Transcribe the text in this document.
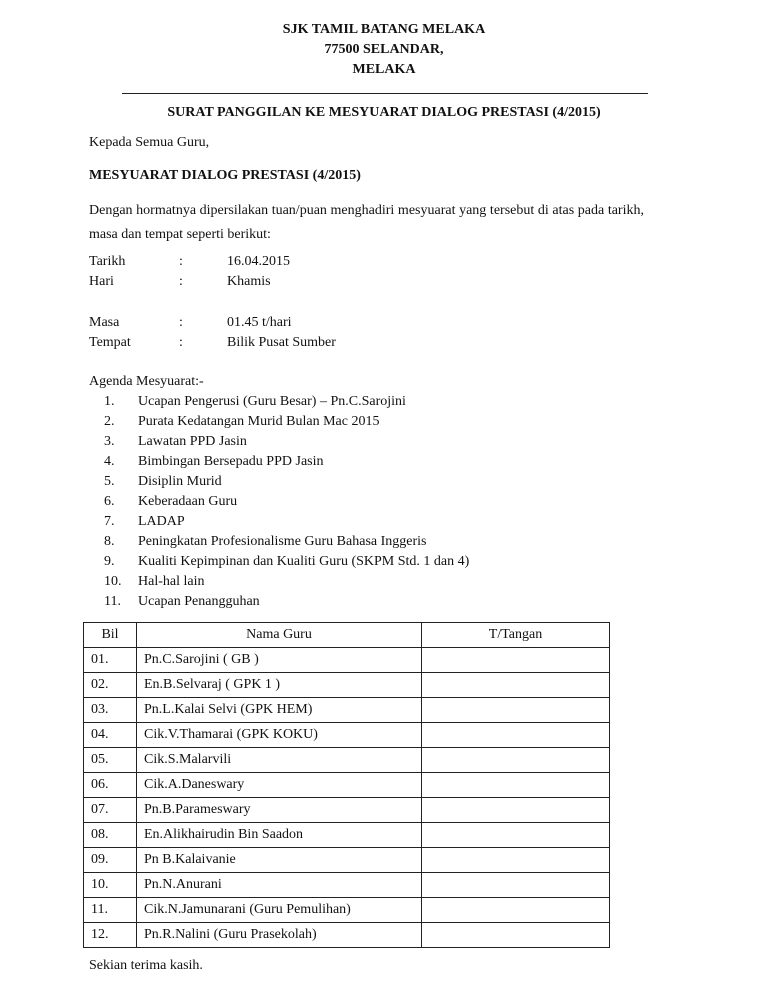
SJK TAMIL BATANG MELAKA
77500 SELANDAR,
MELAKA
SURAT PANGGILAN KE MESYUARAT DIALOG PRESTASI (4/2015)
Kepada Semua Guru,
MESYUARAT DIALOG PRESTASI (4/2015)
Dengan hormatnya dipersilakan tuan/puan menghadiri mesyuarat yang tersebut di atas pada tarikh, masa dan tempat seperti berikut:
Tarikh	:	16.04.2015
Hari	:	Khamis
Masa	:	01.45 t/hari
Tempat	:	Bilik Pusat Sumber
Agenda Mesyuarat:-
1. Ucapan Pengerusi (Guru Besar) – Pn.C.Sarojini
2. Purata Kedatangan Murid Bulan Mac 2015
3. Lawatan PPD Jasin
4. Bimbingan Bersepadu PPD Jasin
5. Disiplin Murid
6. Keberadaan Guru
7. LADAP
8. Peningkatan Profesionalisme Guru Bahasa Inggeris
9. Kualiti Kepimpinan dan Kualiti Guru (SKPM Std. 1 dan 4)
10. Hal-hal lain
11. Ucapan Penangguhan
Bil	Nama Guru	T/Tangan
01.	Pn.C.Sarojini ( GB )	
02.	En.B.Selvaraj ( GPK 1 )	
03.	Pn.L.Kalai Selvi (GPK HEM)	
04.	Cik.V.Thamarai (GPK KOKU)	
05.	Cik.S.Malarvili	
06.	Cik.A.Daneswary	
07.	Pn.B.Parameswary	
08.	En.Alikhairudin Bin Saadon	
09.	Pn B.Kalaivanie	
10.	Pn.N.Anurani	
11.	Cik.N.Jamunarani (Guru Pemulihan)	
12.	Pn.R.Nalini (Guru Prasekolah)	
Sekian terima kasih.
